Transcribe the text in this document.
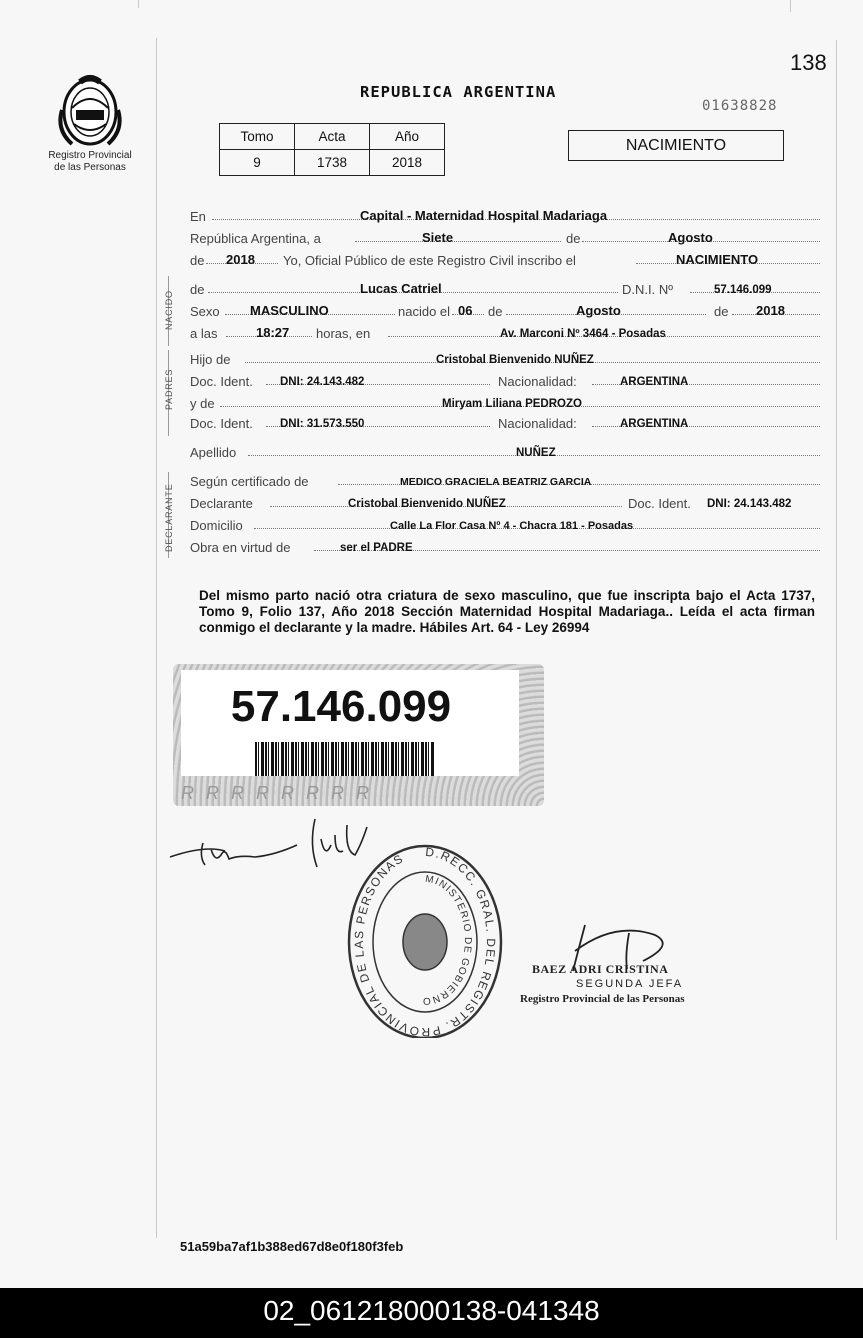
Registro Provincial
de las Personas
138
REPUBLICA ARGENTINA
01638828
Tomo	Acta	Año
9	1738	2018
NACIMIENTO
En	Capital - Maternidad Hospital Madariaga
República Argentina, a	Siete	de	Agosto
de 2018 Yo, Oficial Público de este Registro Civil inscribo el	NACIMIENTO
NACIDO
de	Lucas Catriel	D.N.I. Nº	57.146.099
Sexo MASCULINO	nacido el 06 de	Agosto	de 2018
a las	18:27 horas, en	Av. Marconi Nº 3464 - Posadas
PADRES
Hijo de	Cristobal Bienvenido NUÑEZ
Doc. Ident. DNI: 24.143.482	Nacionalidad:	ARGENTINA
y de	Miryam Liliana PEDROZO
Doc. Ident. DNI: 31.573.550	Nacionalidad:	ARGENTINA
Apellido	NUÑEZ
DECLARANTE
Según certificado de	MEDICO GRACIELA BEATRIZ GARCIA
Declarante	Cristobal Bienvenido NUÑEZ	Doc. Ident. DNI: 24.143.482
Domicilio	Calle La Flor Casa Nº 4 - Chacra 181 - Posadas
Obra en virtud de	ser el PADRE
Del mismo parto nació otra criatura de sexo masculino, que fue inscripta bajo el Acta 1737, Tomo 9, Folio 137, Año 2018 Sección Maternidad Hospital Madariaga.. Leída el acta firman conmigo el declarante y la madre. Hábiles Art. 64 - Ley 26994
57.146.099
RRRRRRRR
D.RECC. GRAL. DEL REGISTR. PROVINCIAL DE LAS PERSONAS
MINISTERIO DE GOBIERNO
BAEZ ADRI CRISTINA
SEGUNDA JEFA
Registro Provincial de las Personas
51a59ba7af1b388ed67d8e0f180f3feb
02_061218000138-041348
